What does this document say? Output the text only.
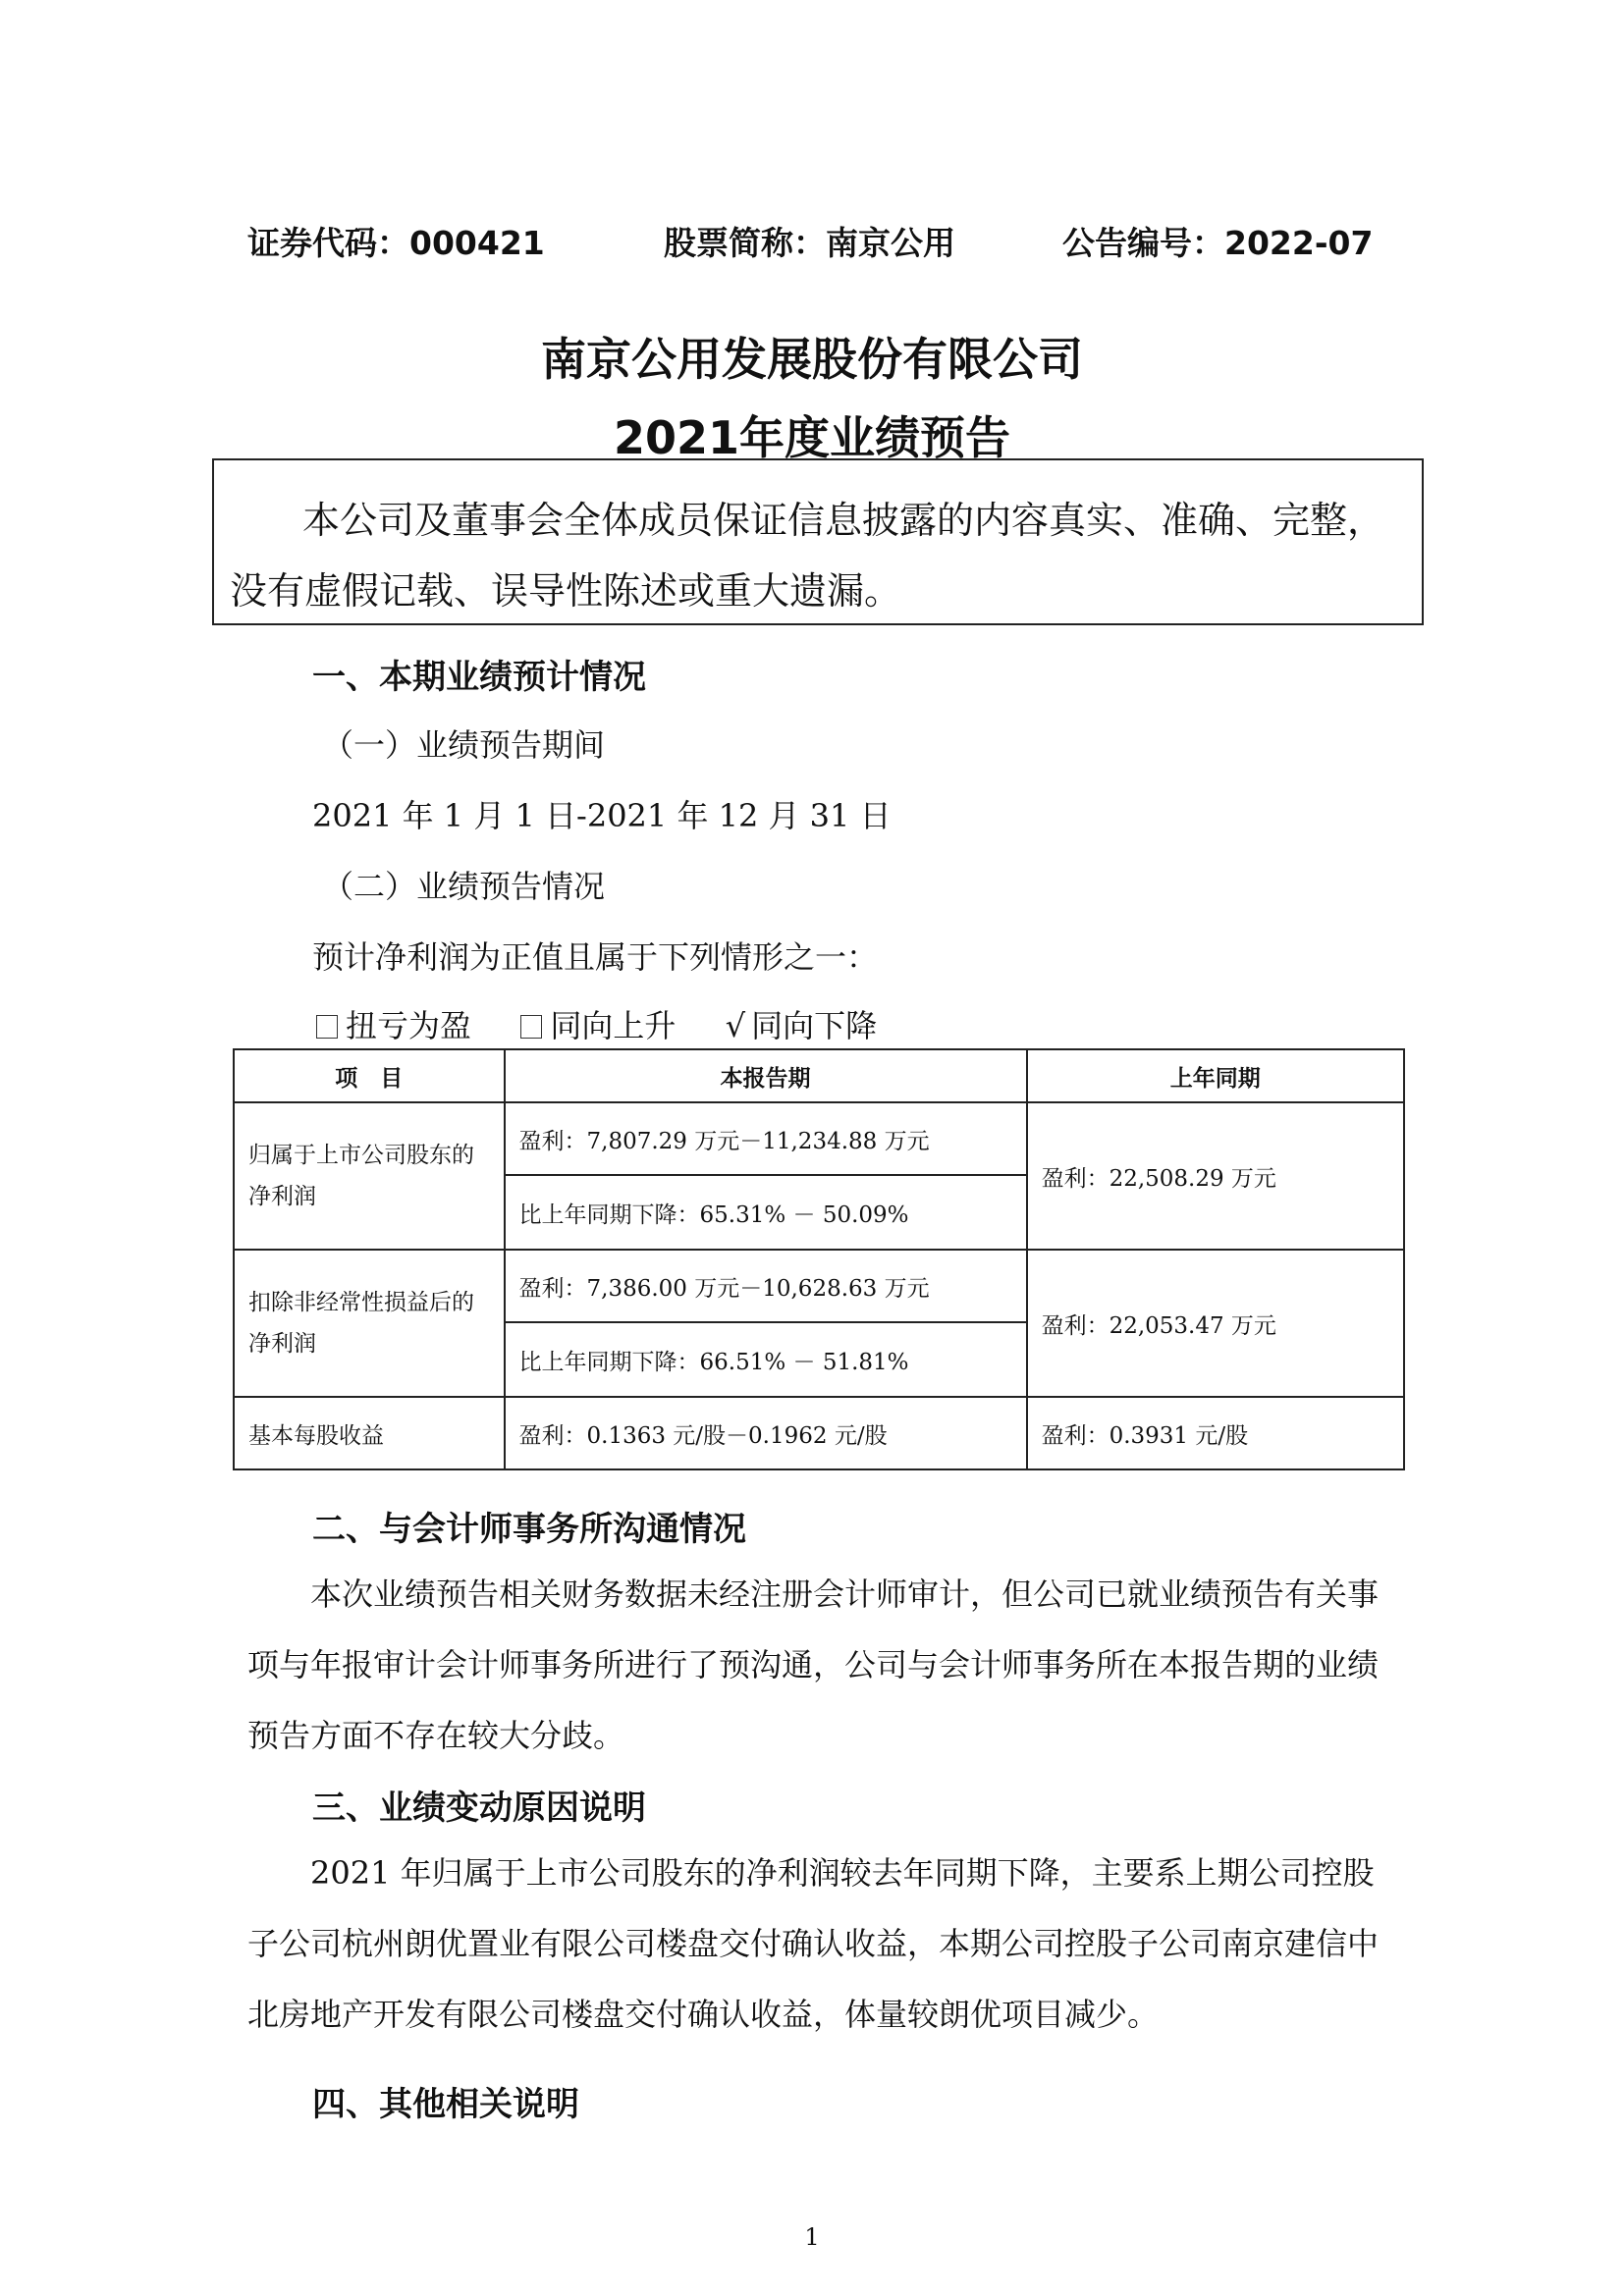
证券代码：000421	股票简称：南京公用	公告编号：2022-07
南京公用发展股份有限公司
2021年度业绩预告
本公司及董事会全体成员保证信息披露的内容真实、准确、完整，
没有虚假记载、误导性陈述或重大遗漏。
一、本期业绩预计情况
（一）业绩预告期间
2021 年 1 月 1 日-2021 年 12 月 31 日
（二）业绩预告情况
预计净利润为正值且属于下列情形之一：
扭亏为盈	同向上升 √ 同向下降
项　目	本报告期	上年同期
归属于上市公司股东的净利润	盈利：7,807.29 万元－11,234.88 万元	盈利：22,508.29 万元
	比上年同期下降：65.31% － 50.09%	
扣除非经常性损益后的净利润	盈利：7,386.00 万元－10,628.63 万元	盈利：22,053.47 万元
	比上年同期下降：66.51% － 51.81%	
基本每股收益	盈利：0.1363 元/股－0.1962 元/股	盈利：0.3931 元/股
二、与会计师事务所沟通情况
本次业绩预告相关财务数据未经注册会计师审计，但公司已就业绩预告有关事项与年报审计会计师事务所进行了预沟通，公司与会计师事务所在本报告期的业绩预告方面不存在较大分歧。
三、业绩变动原因说明
2021 年归属于上市公司股东的净利润较去年同期下降，主要系上期公司控股子公司杭州朗优置业有限公司楼盘交付确认收益，本期公司控股子公司南京建信中北房地产开发有限公司楼盘交付确认收益，体量较朗优项目减少。
四、其他相关说明
1
